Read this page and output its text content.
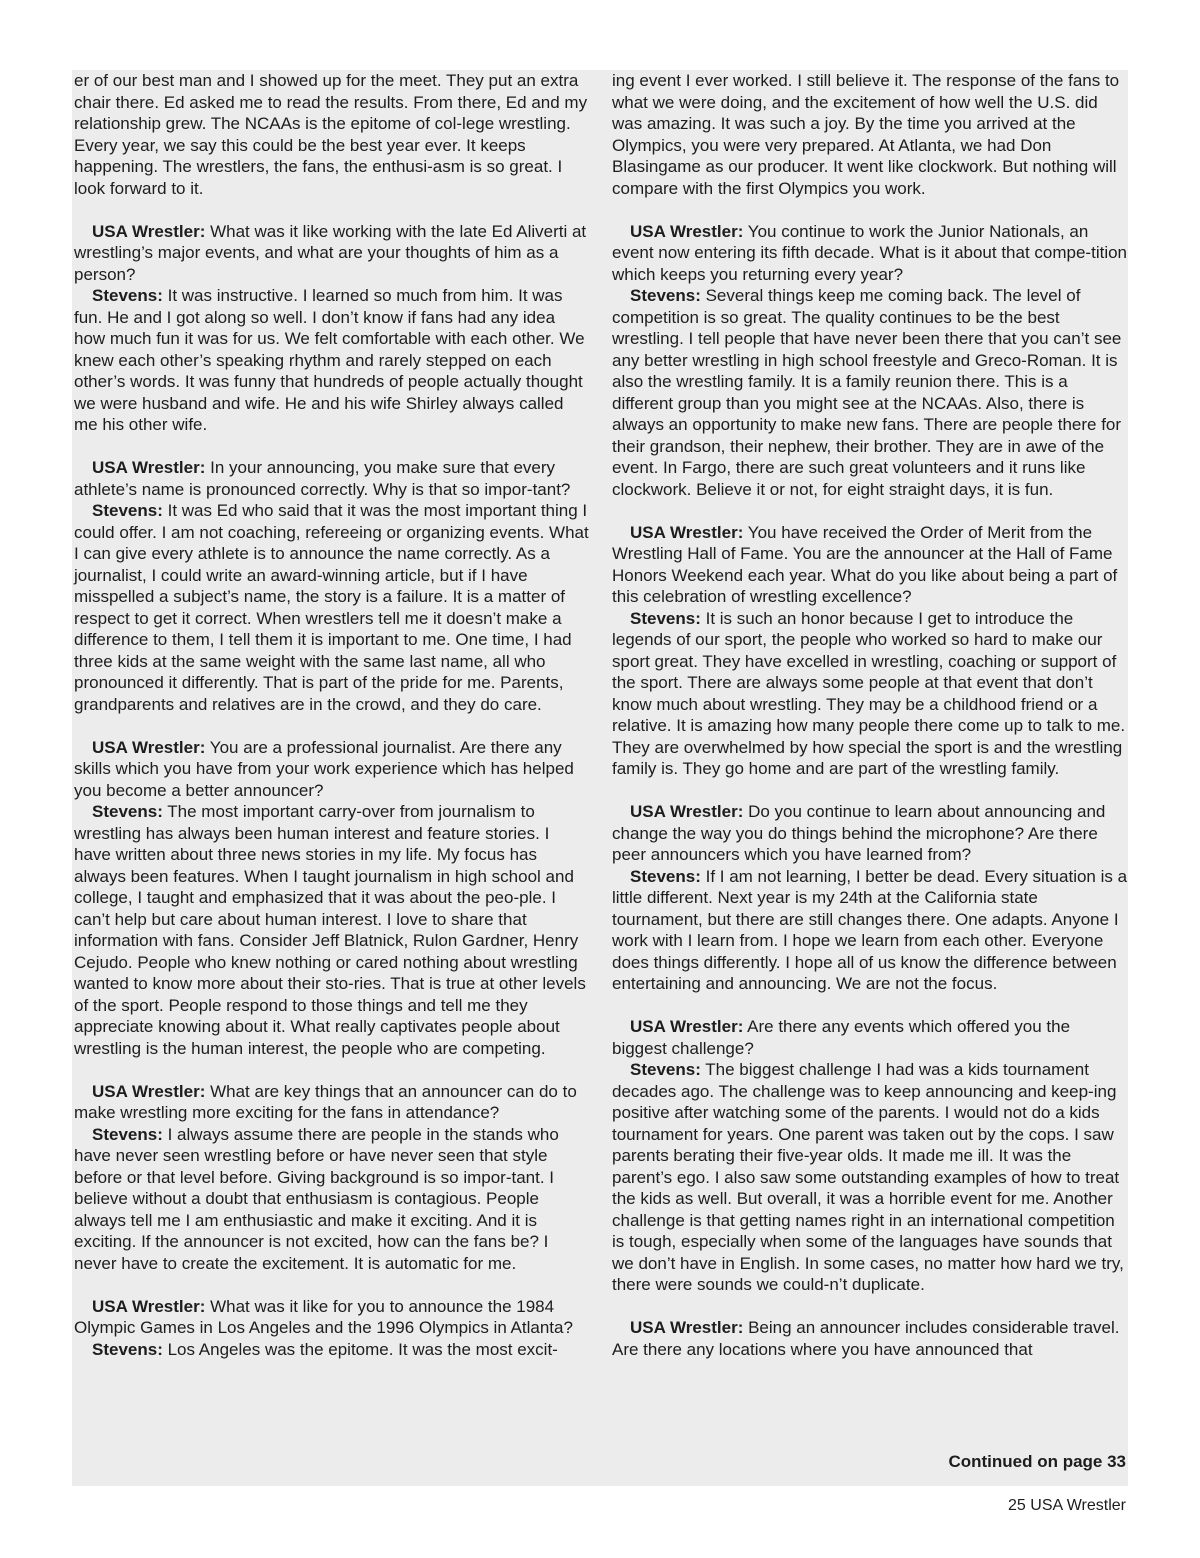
er of our best man and I showed up for the meet. They put an extra chair there. Ed asked me to read the results. From there, Ed and my relationship grew. The NCAAs is the epitome of col-lege wrestling. Every year, we say this could be the best year ever. It keeps happening. The wrestlers, the fans, the enthusi-asm is so great. I look forward to it.

USA Wrestler: What was it like working with the late Ed Aliverti at wrestling’s major events, and what are your thoughts of him as a person?

Stevens: It was instructive. I learned so much from him. It was fun. He and I got along so well. I don’t know if fans had any idea how much fun it was for us. We felt comfortable with each other. We knew each other’s speaking rhythm and rarely stepped on each other’s words. It was funny that hundreds of people actually thought we were husband and wife. He and his wife Shirley always called me his other wife.

USA Wrestler: In your announcing, you make sure that every athlete’s name is pronounced correctly. Why is that so impor-tant?

Stevens: It was Ed who said that it was the most important thing I could offer. I am not coaching, refereeing or organizing events. What I can give every athlete is to announce the name correctly. As a journalist, I could write an award-winning article, but if I have misspelled a subject’s name, the story is a failure. It is a matter of respect to get it correct. When wrestlers tell me it doesn’t make a difference to them, I tell them it is important to me. One time, I had three kids at the same weight with the same last name, all who pronounced it differently. That is part of the pride for me. Parents, grandparents and relatives are in the crowd, and they do care.

USA Wrestler: You are a professional journalist. Are there any skills which you have from your work experience which has helped you become a better announcer?

Stevens: The most important carry-over from journalism to wrestling has always been human interest and feature stories. I have written about three news stories in my life. My focus has always been features. When I taught journalism in high school and college, I taught and emphasized that it was about the peo-ple. I can’t help but care about human interest. I love to share that information with fans. Consider Jeff Blatnick, Rulon Gardner, Henry Cejudo. People who knew nothing or cared nothing about wrestling wanted to know more about their sto-ries. That is true at other levels of the sport. People respond to those things and tell me they appreciate knowing about it. What really captivates people about wrestling is the human interest, the people who are competing.

USA Wrestler: What are key things that an announcer can do to make wrestling more exciting for the fans in attendance?

Stevens: I always assume there are people in the stands who have never seen wrestling before or have never seen that style before or that level before. Giving background is so impor-tant. I believe without a doubt that enthusiasm is contagious. People always tell me I am enthusiastic and make it exciting. And it is exciting. If the announcer is not excited, how can the fans be? I never have to create the excitement. It is automatic for me.

USA Wrestler: What was it like for you to announce the 1984 Olympic Games in Los Angeles and the 1996 Olympics in Atlanta?

Stevens: Los Angeles was the epitome. It was the most excit-

ing event I ever worked. I still believe it. The response of the fans to what we were doing, and the excitement of how well the U.S. did was amazing. It was such a joy. By the time you arrived at the Olympics, you were very prepared. At Atlanta, we had Don Blasingame as our producer. It went like clockwork. But nothing will compare with the first Olympics you work.

USA Wrestler: You continue to work the Junior Nationals, an event now entering its fifth decade. What is it about that compe-tition which keeps you returning every year?

Stevens: Several things keep me coming back. The level of competition is so great. The quality continues to be the best wrestling. I tell people that have never been there that you can’t see any better wrestling in high school freestyle and Greco-Roman. It is also the wrestling family. It is a family reunion there. This is a different group than you might see at the NCAAs. Also, there is always an opportunity to make new fans. There are people there for their grandson, their nephew, their brother. They are in awe of the event. In Fargo, there are such great volunteers and it runs like clockwork. Believe it or not, for eight straight days, it is fun.

USA Wrestler: You have received the Order of Merit from the Wrestling Hall of Fame. You are the announcer at the Hall of Fame Honors Weekend each year. What do you like about being a part of this celebration of wrestling excellence?

Stevens: It is such an honor because I get to introduce the legends of our sport, the people who worked so hard to make our sport great. They have excelled in wrestling, coaching or support of the sport. There are always some people at that event that don’t know much about wrestling. They may be a childhood friend or a relative. It is amazing how many people there come up to talk to me. They are overwhelmed by how special the sport is and the wrestling family is. They go home and are part of the wrestling family.

USA Wrestler: Do you continue to learn about announcing and change the way you do things behind the microphone? Are there peer announcers which you have learned from?

Stevens: If I am not learning, I better be dead. Every situation is a little different. Next year is my 24th at the California state tournament, but there are still changes there. One adapts. Anyone I work with I learn from. I hope we learn from each other. Everyone does things differently. I hope all of us know the difference between entertaining and announcing. We are not the focus.

USA Wrestler: Are there any events which offered you the biggest challenge?

Stevens: The biggest challenge I had was a kids tournament decades ago. The challenge was to keep announcing and keep-ing positive after watching some of the parents. I would not do a kids tournament for years. One parent was taken out by the cops. I saw parents berating their five-year olds. It made me ill. It was the parent’s ego. I also saw some outstanding examples of how to treat the kids as well. But overall, it was a horrible event for me. Another challenge is that getting names right in an international competition is tough, especially when some of the languages have sounds that we don’t have in English. In some cases, no matter how hard we try, there were sounds we could-n’t duplicate.

USA Wrestler: Being an announcer includes considerable travel. Are there any locations where you have announced that

Continued on page 33
25 USA Wrestler
